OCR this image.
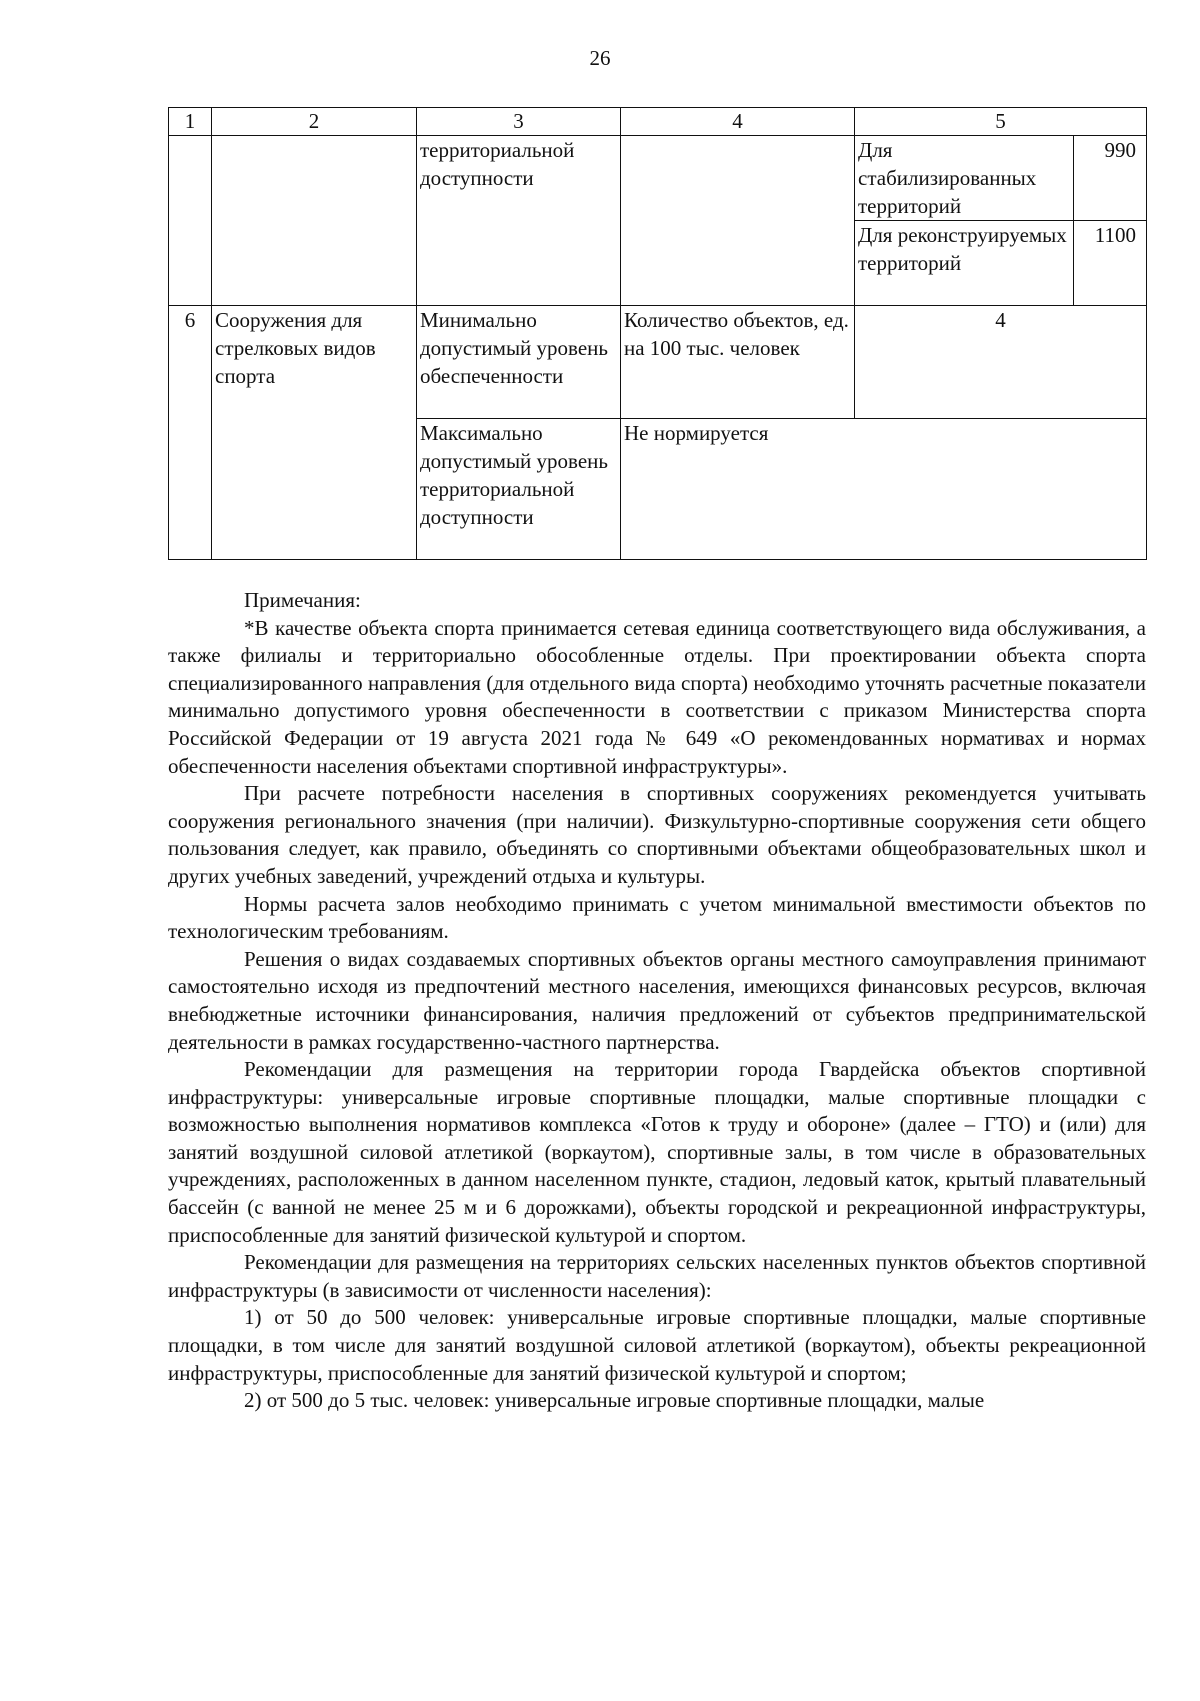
26
1	2	3	4	5	
		территориальной доступности		Для стабилизированных территорий	990
				Для реконструируемых территорий	1100
6	Сооружения для стрелковых видов спорта	Минимально допустимый уровень обеспеченности	Количество объектов, ед. на 100 тыс. человек	4	
		Максимально допустимый уровень территориальной доступности	Не нормируется		

Примечания:

*В качестве объекта спорта принимается сетевая единица соответствующего вида обслуживания, а также филиалы и территориально обособленные отделы. При проектировании объекта спорта специализированного направления (для отдельного вида спорта) необходимо уточнять расчетные показатели минимально допустимого уровня обеспеченности в соответствии с приказом Министерства спорта Российской Федерации от 19 августа 2021 года № 649 «О рекомендованных нормативах и нормах обеспеченности населения объектами спортивной инфраструктуры».

При расчете потребности населения в спортивных сооружениях рекомендуется учитывать сооружения регионального значения (при наличии). Физкультурно-спортивные сооружения сети общего пользования следует, как правило, объединять со спортивными объектами общеобразовательных школ и других учебных заведений, учреждений отдыха и культуры.

Нормы расчета залов необходимо принимать с учетом минимальной вместимости объектов по технологическим требованиям.

Решения о видах создаваемых спортивных объектов органы местного самоуправления принимают самостоятельно исходя из предпочтений местного населения, имеющихся финансовых ресурсов, включая внебюджетные источники финансирования, наличия предложений от субъектов предпринимательской деятельности в рамках государственно-частного партнерства.

Рекомендации для размещения на территории города Гвардейска объектов спортивной инфраструктуры: универсальные игровые спортивные площадки, малые спортивные площадки с возможностью выполнения нормативов комплекса «Готов к труду и обороне» (далее – ГТО) и (или) для занятий воздушной силовой атлетикой (воркаутом), спортивные залы, в том числе в образовательных учреждениях, расположенных в данном населенном пункте, стадион, ледовый каток, крытый плавательный бассейн (с ванной не менее 25 м и 6 дорожками), объекты городской и рекреационной инфраструктуры, приспособленные для занятий физической культурой и спортом.

Рекомендации для размещения на территориях сельских населенных пунктов объектов спортивной инфраструктуры (в зависимости от численности населения):

1) от 50 до 500 человек: универсальные игровые спортивные площадки, малые спортивные площадки, в том числе для занятий воздушной силовой атлетикой (воркаутом), объекты рекреационной инфраструктуры, приспособленные для занятий физической культурой и спортом;

2) от 500 до 5 тыс. человек: универсальные игровые спортивные площадки, малые
